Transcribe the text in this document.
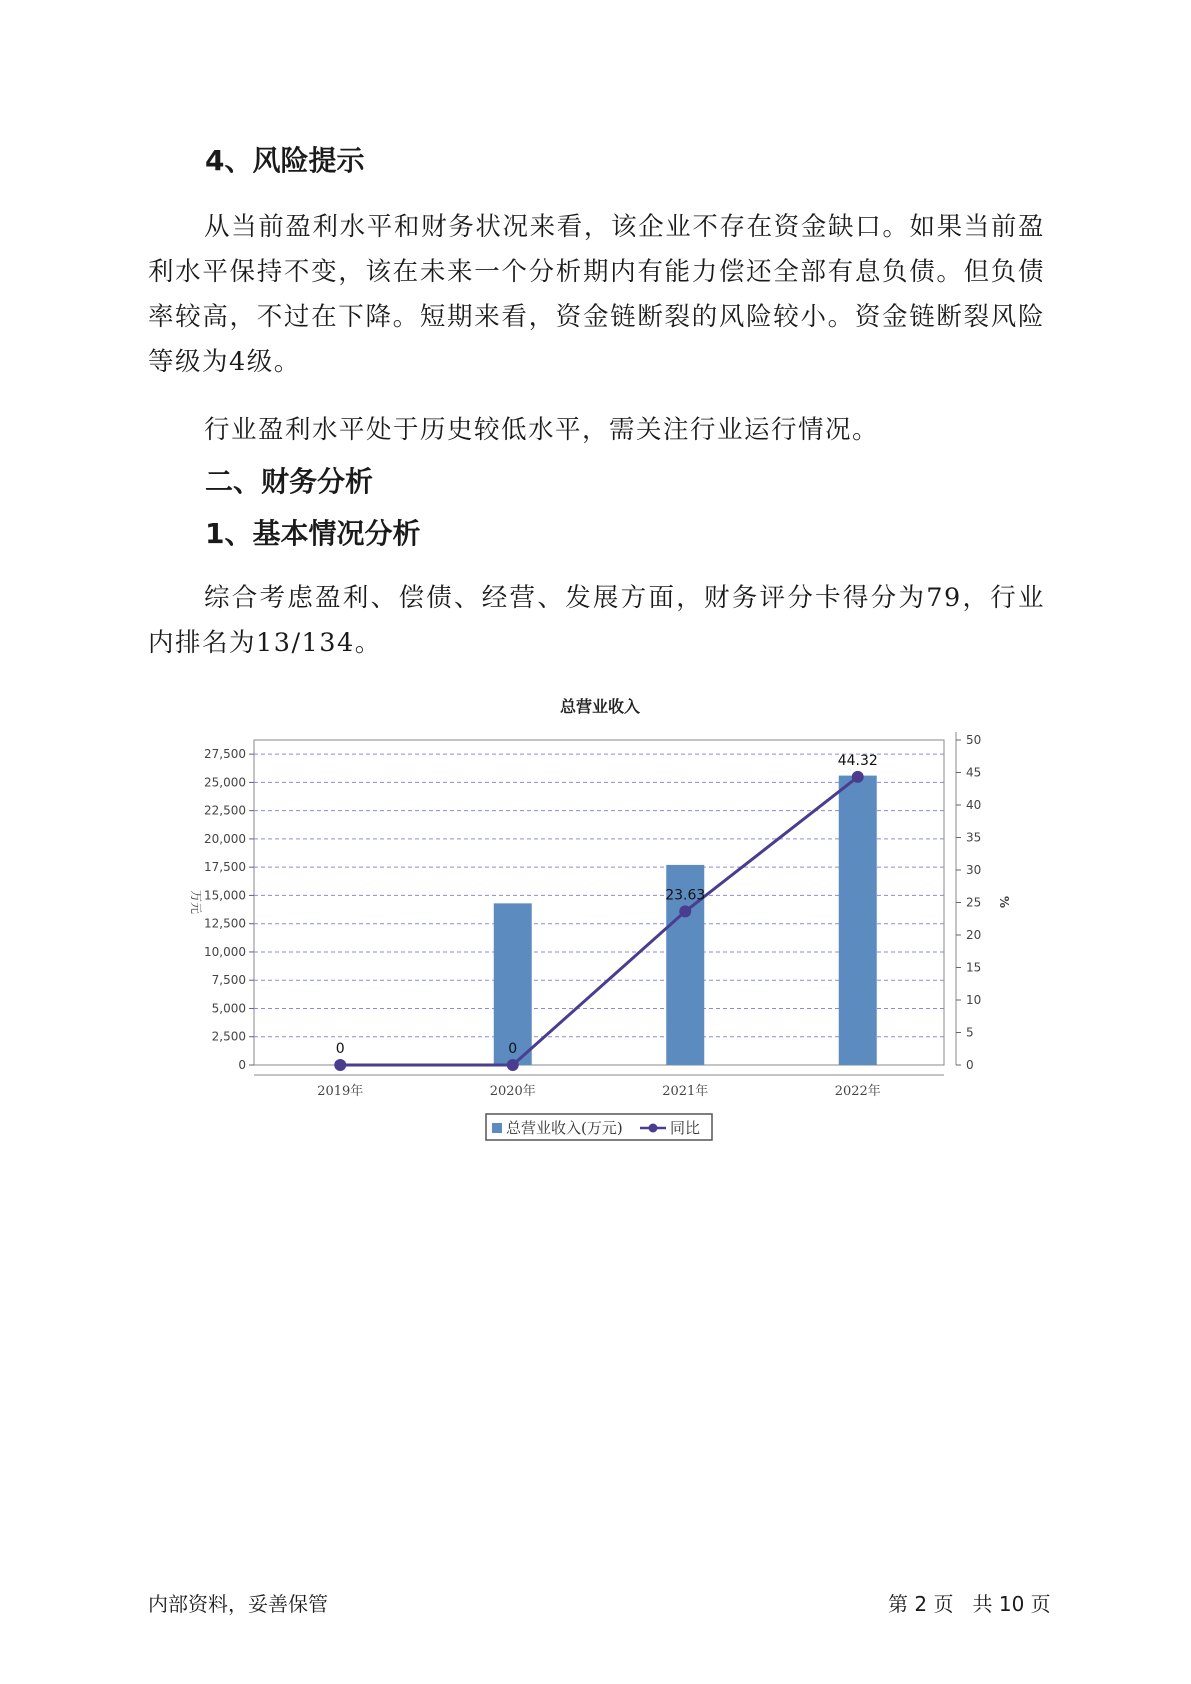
4、风险提示

从当前盈利水平和财务状况来看，该企业不存在资金缺口。如果当前盈利水平保持不变，该在未来一个分析期内有能力偿还全部有息负债。但负债率较高，不过在下降。短期来看，资金链断裂的风险较小。资金链断裂风险等级为4级。

行业盈利水平处于历史较低水平，需关注行业运行情况。

二、财务分析
1、基本情况分析

综合考虑盈利、偿债、经营、发展方面，财务评分卡得分为79，行业内排名为13/134。

总营业收入
0	0
23.63
44.32
0
2,500
5,000
7,500
10,000
12,500
15,000
17,500
20,000
22,500
25,000
27,500
0
5
10
15
20
25
30
35
40
45
50
2019年	2020年	2021年	2022年
万元	%
总营业收入(万元)	同比
内部资料，妥善保管	第 2 页   共 10 页
